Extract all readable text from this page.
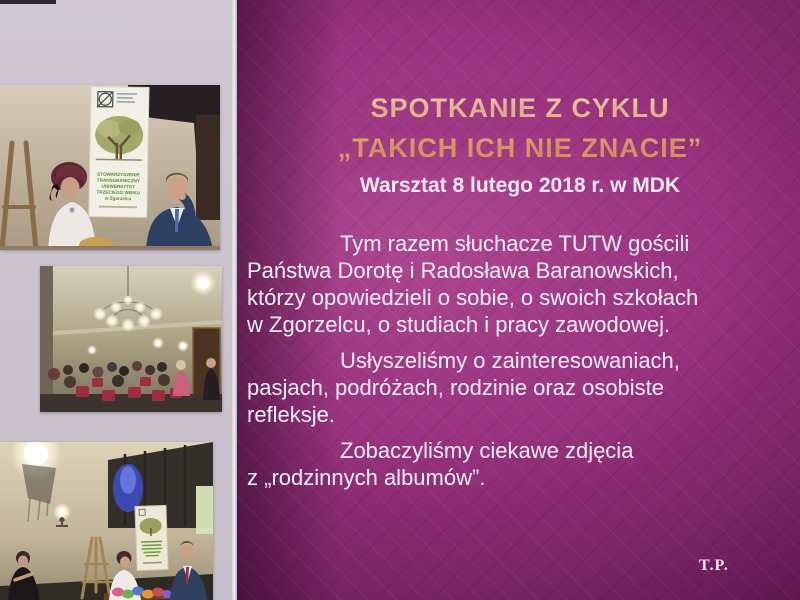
STOWARZYSZENIE
TRANSGRANICZNY
UNIWERSYTET
TRZECIEGO WIEKU
w Zgorzelcu
SPOTKANIE Z CYKLU
„TAKICH ICH NIE ZNACIE”
Warsztat 8 lutego 2018 r. w MDK

Tym razem słuchacze TUTW gościli
Państwa Dorotę i Radosława Baranowskich,
którzy opowiedzieli o sobie, o swoich szkołach
w Zgorzelcu, o studiach i pracy zawodowej.

Usłyszeliśmy o zainteresowaniach,
pasjach, podróżach, rodzinie oraz osobiste
refleksje.

Zobaczyliśmy ciekawe zdjęcia
z „rodzinnych albumów”.

T.P.
